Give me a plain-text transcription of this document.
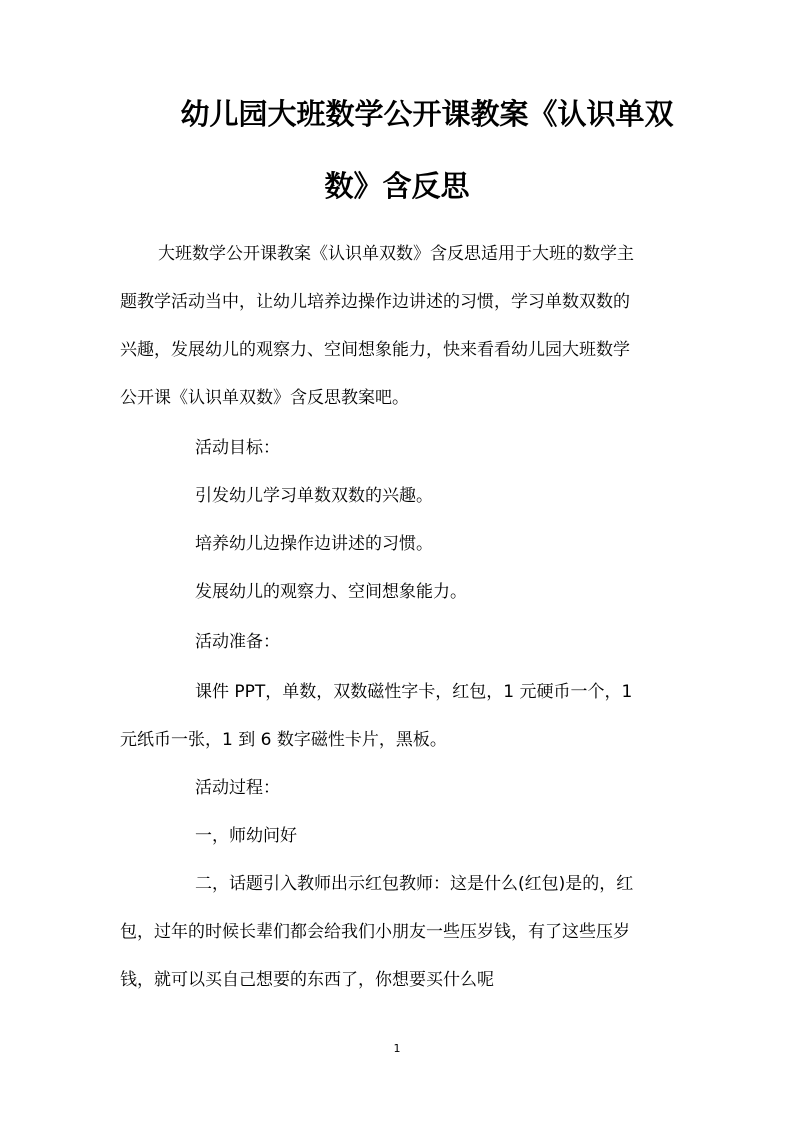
幼儿园大班数学公开课教案《认识单双
数》含反思
大班数学公开课教案《认识单双数》含反思适用于大班的数学主
题教学活动当中，让幼儿培养边操作边讲述的习惯，学习单数双数的
兴趣，发展幼儿的观察力、空间想象能力，快来看看幼儿园大班数学
公开课《认识单双数》含反思教案吧。
活动目标：
引发幼儿学习单数双数的兴趣。
培养幼儿边操作边讲述的习惯。
发展幼儿的观察力、空间想象能力。
活动准备：
课件 PPT，单数，双数磁性字卡，红包，1 元硬币一个，1
元纸币一张，1 到 6 数字磁性卡片，黑板。
活动过程：
一，师幼问好
二，话题引入教师出示红包教师：这是什么(红包)是的，红
包，过年的时候长辈们都会给我们小朋友一些压岁钱，有了这些压岁
钱，就可以买自己想要的东西了，你想要买什么呢
1
